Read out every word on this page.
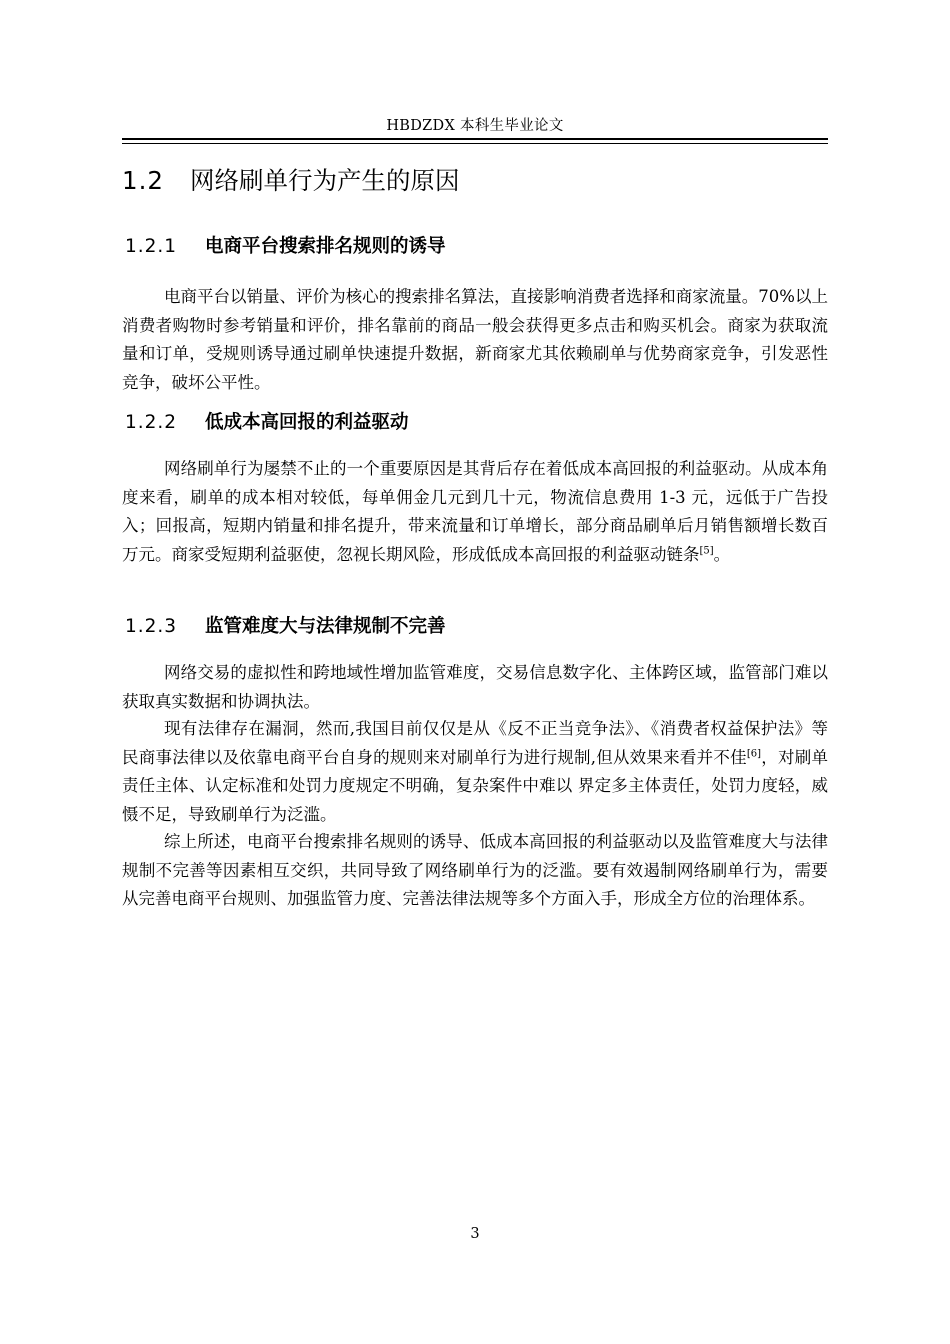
HBDZDX 本科生毕业论文
1.2 网络刷单行为产生的原因
1.2.1 电商平台搜索排名规则的诱导

电商平台以销量、评价为核心的搜索排名算法，直接影响消费者选择和商家流量。70%以上消费者购物时参考销量和评价，排名靠前的商品一般会获得更多点击和购买机会。商家为获取流量和订单，受规则诱导通过刷单快速提升数据，新商家尤其依赖刷单与优势商家竞争，引发恶性竞争，破坏公平性。

1.2.2 低成本高回报的利益驱动

网络刷单行为屡禁不止的一个重要原因是其背后存在着低成本高回报的利益驱动。从成本角度来看，刷单的成本相对较低，每单佣金几元到几十元，物流信息费用 1-3 元，远低于广告投入；回报高，短期内销量和排名提升，带来流量和订单增长，部分商品刷单后月销售额增长数百万元。商家受短期利益驱使，忽视长期风险，形成低成本高回报的利益驱动链条[5]。

1.2.3 监管难度大与法律规制不完善

网络交易的虚拟性和跨地域性增加监管难度，交易信息数字化、主体跨区域，监管部门难以获取真实数据和协调执法。

现有法律存在漏洞，然而,我国目前仅仅是从《反不正当竞争法》、《消费者权益保护法》等民商事法律以及依靠电商平台自身的规则来对刷单行为进行规制,但从效果来看并不佳[6]，对刷单责任主体、认定标准和处罚力度规定不明确，复杂案件中难以 界定多主体责任，处罚力度轻，威慑不足，导致刷单行为泛滥。

综上所述，电商平台搜索排名规则的诱导、低成本高回报的利益驱动以及监管难度大与法律规制不完善等因素相互交织，共同导致了网络刷单行为的泛滥。要有效遏制网络刷单行为，需要从完善电商平台规则、加强监管力度、完善法律法规等多个方面入手，形成全方位的治理体系。

3
